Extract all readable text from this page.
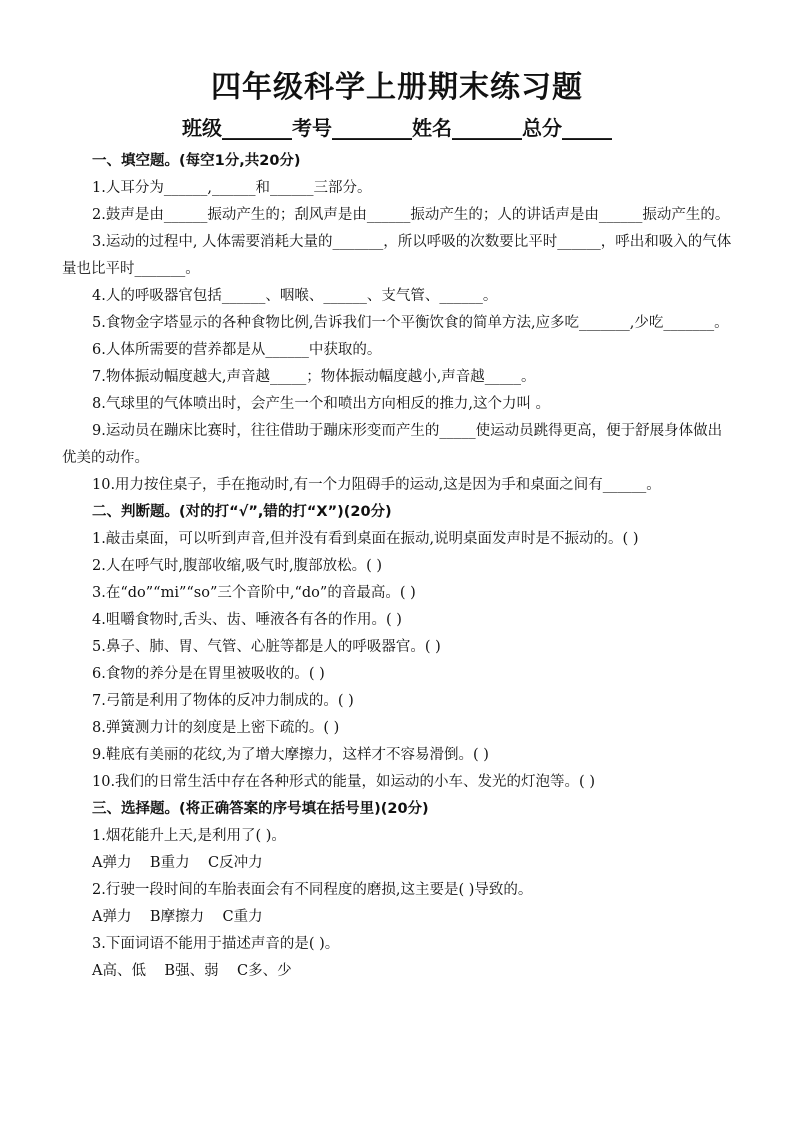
四年级科学上册期末练习题
班级_______考号________姓名_______总分_____
一、填空题。(每空1分,共20分)
1.人耳分为______,______和______三部分。
2.鼓声是由______振动产生的；刮风声是由______振动产生的；人的讲话声是由______振动产生的。
3.运动的过程中, 人体需要消耗大量的_______，所以呼吸的次数要比平时______，呼出和吸入的气体量也比平时_______。
4.人的呼吸器官包括______、咽喉、______、支气管、______。
5.食物金字塔显示的各种食物比例,告诉我们一个平衡饮食的简单方法,应多吃_______,少吃_______。
6.人体所需要的营养都是从______中获取的。
7.物体振动幅度越大,声音越_____；物体振动幅度越小,声音越_____。
8.气球里的气体喷出时，会产生一个和喷出方向相反的推力,这个力叫 。
9.运动员在蹦床比赛时，往往借助于蹦床形变而产生的_____使运动员跳得更高，便于舒展身体做出优美的动作。
10.用力按住桌子，手在拖动时,有一个力阻碍手的运动,这是因为手和桌面之间有______。
二、判断题。(对的打“√”,错的打“X”)(20分)
1.敲击桌面，可以听到声音,但并没有看到桌面在振动,说明桌面发声时是不振动的。( )
2.人在呼气时,腹部收缩,吸气时,腹部放松。( )
3.在“do”“mi”“so”三个音阶中,“do”的音最高。( )
4.咀嚼食物时,舌头、齿、唾液各有各的作用。( )
5.鼻子、肺、胃、气管、心脏等都是人的呼吸器官。( )
6.食物的养分是在胃里被吸收的。( )
7.弓箭是利用了物体的反冲力制成的。( )
8.弹簧测力计的刻度是上密下疏的。( )
9.鞋底有美丽的花纹,为了增大摩擦力，这样才不容易滑倒。( )
10.我们的日常生活中存在各种形式的能量，如运动的小车、发光的灯泡等。( )
三、选择题。(将正确答案的序号填在括号里)(20分)
1.烟花能升上天,是利用了( )。
A弹力    B重力    C反冲力
2.行驶一段时间的车胎表面会有不同程度的磨损,这主要是( )导致的。
A弹力    B摩擦力    C重力
3.下面词语不能用于描述声音的是( )。
A高、低    B强、弱    C多、少
